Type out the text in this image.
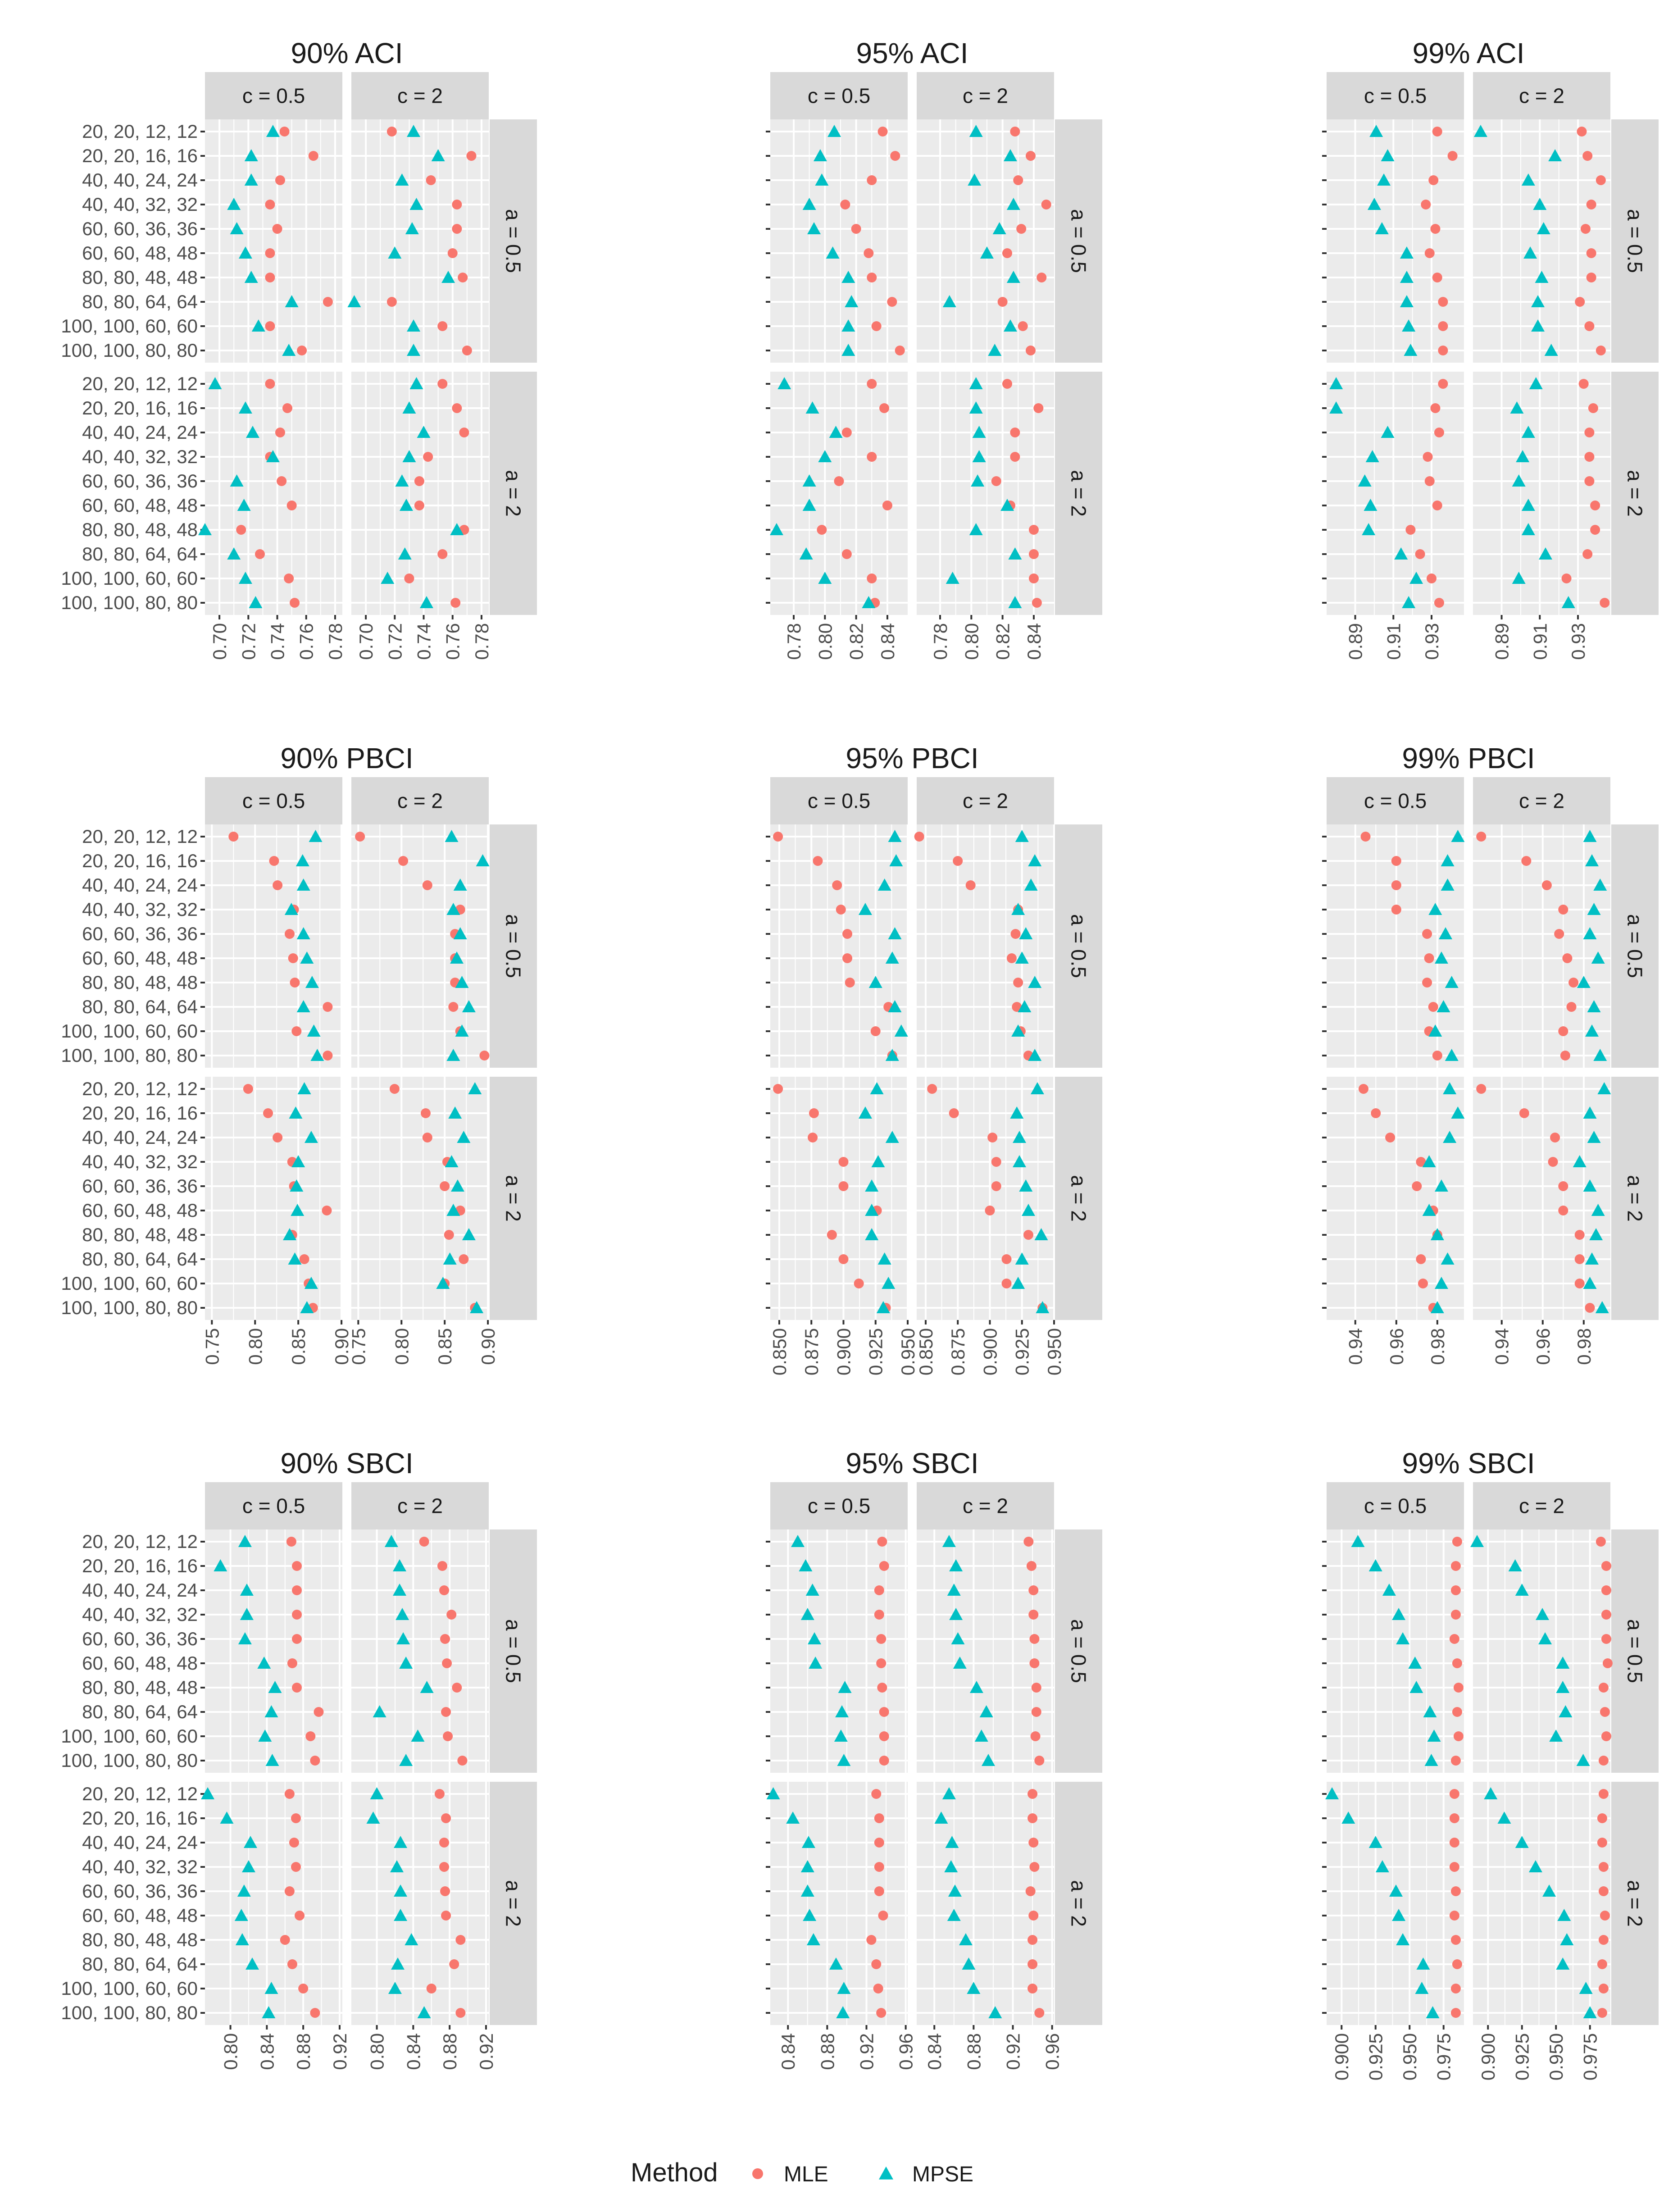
90% ACI
c = 0.5	c = 2
a = 0.5
20, 20, 12, 12
20, 20, 16, 16
40, 40, 24, 24
40, 40, 32, 32
60, 60, 36, 36
60, 60, 48, 48
80, 80, 48, 48
80, 80, 64, 64
100, 100, 60, 60
100, 100, 80, 80
a = 2
20, 20, 12, 12
20, 20, 16, 16
40, 40, 24, 24
40, 40, 32, 32
60, 60, 36, 36
60, 60, 48, 48
80, 80, 48, 48
80, 80, 64, 64
100, 100, 60, 60
100, 100, 80, 80
0.70 0.72 0.74 0.76 0.78 0.70 0.72 0.74 0.76 0.78
95% ACI
c = 0.5	c = 2
a = 0.5
a = 2
0.78 0.80 0.82 0.84 0.78 0.80 0.82 0.84
99% ACI
c = 0.5	c = 2
a = 0.5
a = 2
0.89 0.91 0.93	0.89 0.91 0.93
90% PBCI
c = 0.5	c = 2
a = 0.5
20, 20, 12, 12
20, 20, 16, 16
40, 40, 24, 24
40, 40, 32, 32
60, 60, 36, 36
60, 60, 48, 48
80, 80, 48, 48
80, 80, 64, 64
100, 100, 60, 60
100, 100, 80, 80
a = 2
20, 20, 12, 12
20, 20, 16, 16
40, 40, 24, 24
40, 40, 32, 32
60, 60, 36, 36
60, 60, 48, 48
80, 80, 48, 48
80, 80, 64, 64
100, 100, 60, 60
100, 100, 80, 80
0.75 0.80 0.85 0.90
0.75 0.80 0.85 0.90
95% PBCI
c = 0.5	c = 2
a = 0.5
a = 2
0.850 0.875 0.900 0.925 0.950
0.850 0.875 0.900 0.925 0.950
99% PBCI
c = 0.5	c = 2
a = 0.5
a = 2
0.94 0.96 0.98 0.94 0.96 0.98
90% SBCI
c = 0.5	c = 2
a = 0.5
20, 20, 12, 12
20, 20, 16, 16
40, 40, 24, 24
40, 40, 32, 32
60, 60, 36, 36
60, 60, 48, 48
80, 80, 48, 48
80, 80, 64, 64
100, 100, 60, 60
100, 100, 80, 80
a = 2
20, 20, 12, 12
20, 20, 16, 16
40, 40, 24, 24
40, 40, 32, 32
60, 60, 36, 36
60, 60, 48, 48
80, 80, 48, 48
80, 80, 64, 64
100, 100, 60, 60
100, 100, 80, 80
0.80 0.84 0.88 0.92 0.80 0.84 0.88 0.92
95% SBCI
c = 0.5	c = 2
a = 0.5
a = 2
0.84 0.88 0.92 0.96 0.84 0.88 0.92 0.96
99% SBCI
c = 0.5	c = 2
a = 0.5
a = 2
0.900 0.925 0.950 0.975 0.900 0.925 0.950 0.975
Method	MLE	MPSE
